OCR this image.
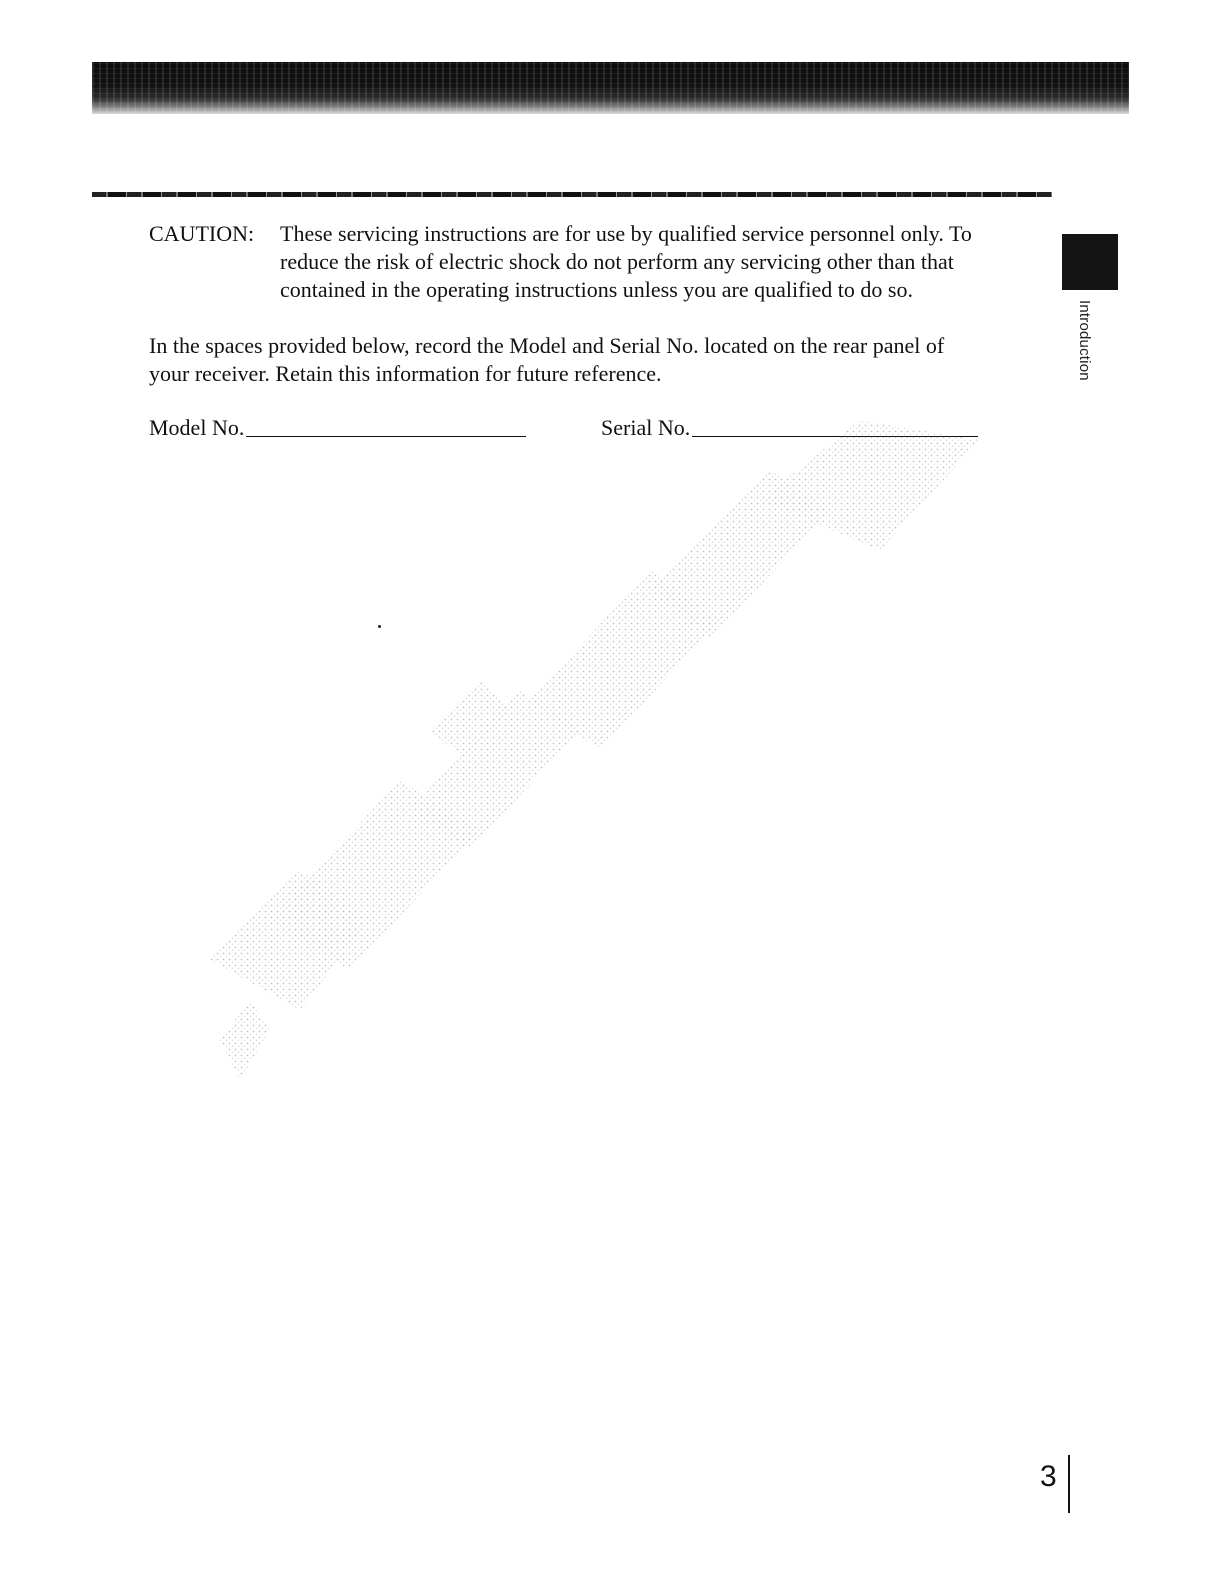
CAUTION:	These servicing instructions are for use by qualified service personnel only. To
reduce the risk of electric shock do not perform any servicing other than that
contained in the operating instructions unless you are qualified to do so.
In the spaces provided below, record the Model and Serial No. located on the rear panel of
your receiver. Retain this information for future reference.
Model No.	Serial No.
Introduction
3
